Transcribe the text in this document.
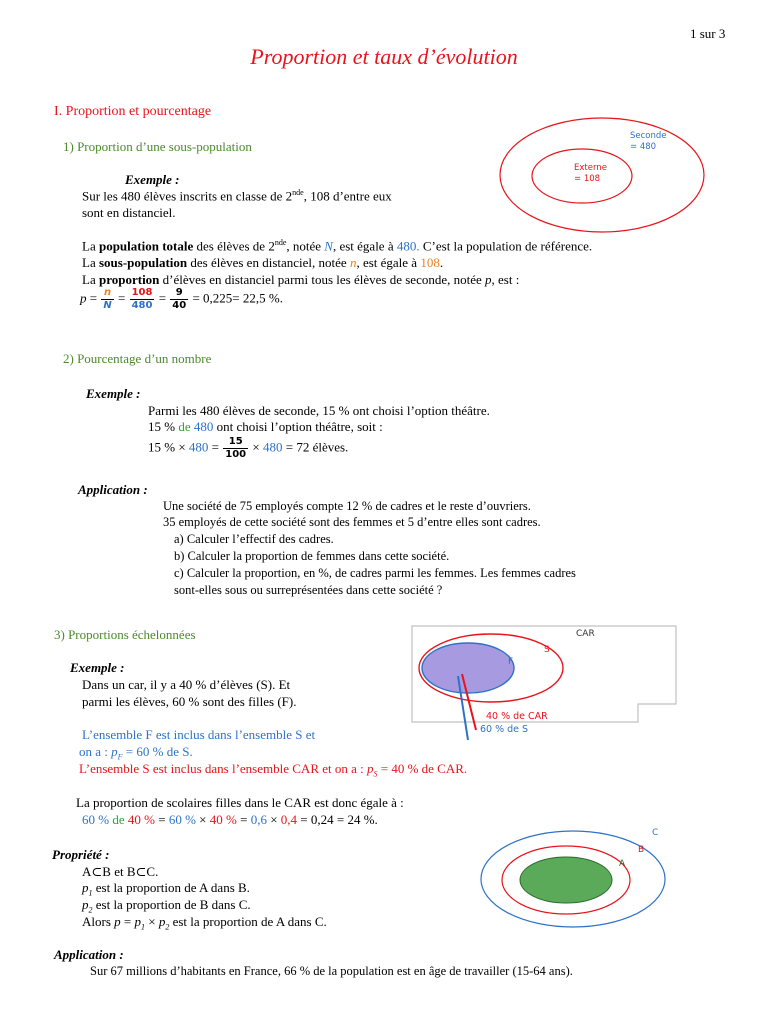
1 sur 3
Proportion et taux d’évolution
I. Proportion et pourcentage
1) Proportion d’une sous-population
Seconde
= 480
Externe
= 108
Exemple :
Sur les 480 élèves inscrits en classe de 2nde, 108 d’entre eux
sont en distanciel.
La population totale des élèves de 2nde, notée N, est égale à 480. C’est la population de référence.
La sous-population des élèves en distanciel, notée n, est égale à 108.
La proportion d’élèves en distanciel parmi tous les élèves de seconde, notée p, est :
$p = \frac{n}{N} = \frac{108}{480} = \frac{9}{40} = 0,225= 22,5$ %.
2) Pourcentage d’un nombre
Exemple :
Parmi les 480 élèves de seconde, 15 % ont choisi l’option théâtre.
15 % de 480 ont choisi l’option théâtre, soit :
15 % × $480 = \frac{15}{100} \times 480 = 72$ élèves.
Application :
Une société de 75 employés compte 12 % de cadres et le reste d’ouvriers.
35 employés de cette société sont des femmes et 5 d’entre elles sont cadres.
a) Calculer l’effectif des cadres.
b) Calculer la proportion de femmes dans cette société.
c) Calculer la proportion, en %, de cadres parmi les femmes. Les femmes cadres
sont-elles sous ou surreprésentées dans cette société ?
3) Proportions échelonnées	CAR
S
F
40 % de CAR
60 % de S
Exemple :
Dans un car, il y a 40 % d’élèves (S). Et
parmi les élèves, 60 % sont des filles (F).
L’ensemble F est inclus dans l’ensemble S et
on a : $p_F = 60$ % de S.
L’ensemble S est inclus dans l’ensemble CAR et on a : $p_S = 40$ % de CAR.
La proportion de scolaires filles dans le CAR est donc égale à :
60 % de 40 % = 60 % × 40 % = 0,6 × 0,4 = 0,24 = 24 %.
C
B
A
Propriété :
A⊂B et B⊂C.
$p_1$ est la proportion de A dans B.
$p_2$ est la proportion de B dans C.
Alors $p = p_1 \times p_2$ est la proportion de A dans C.
Application :
Sur 67 millions d’habitants en France, 66 % de la population est en âge de travailler (15-64 ans).
